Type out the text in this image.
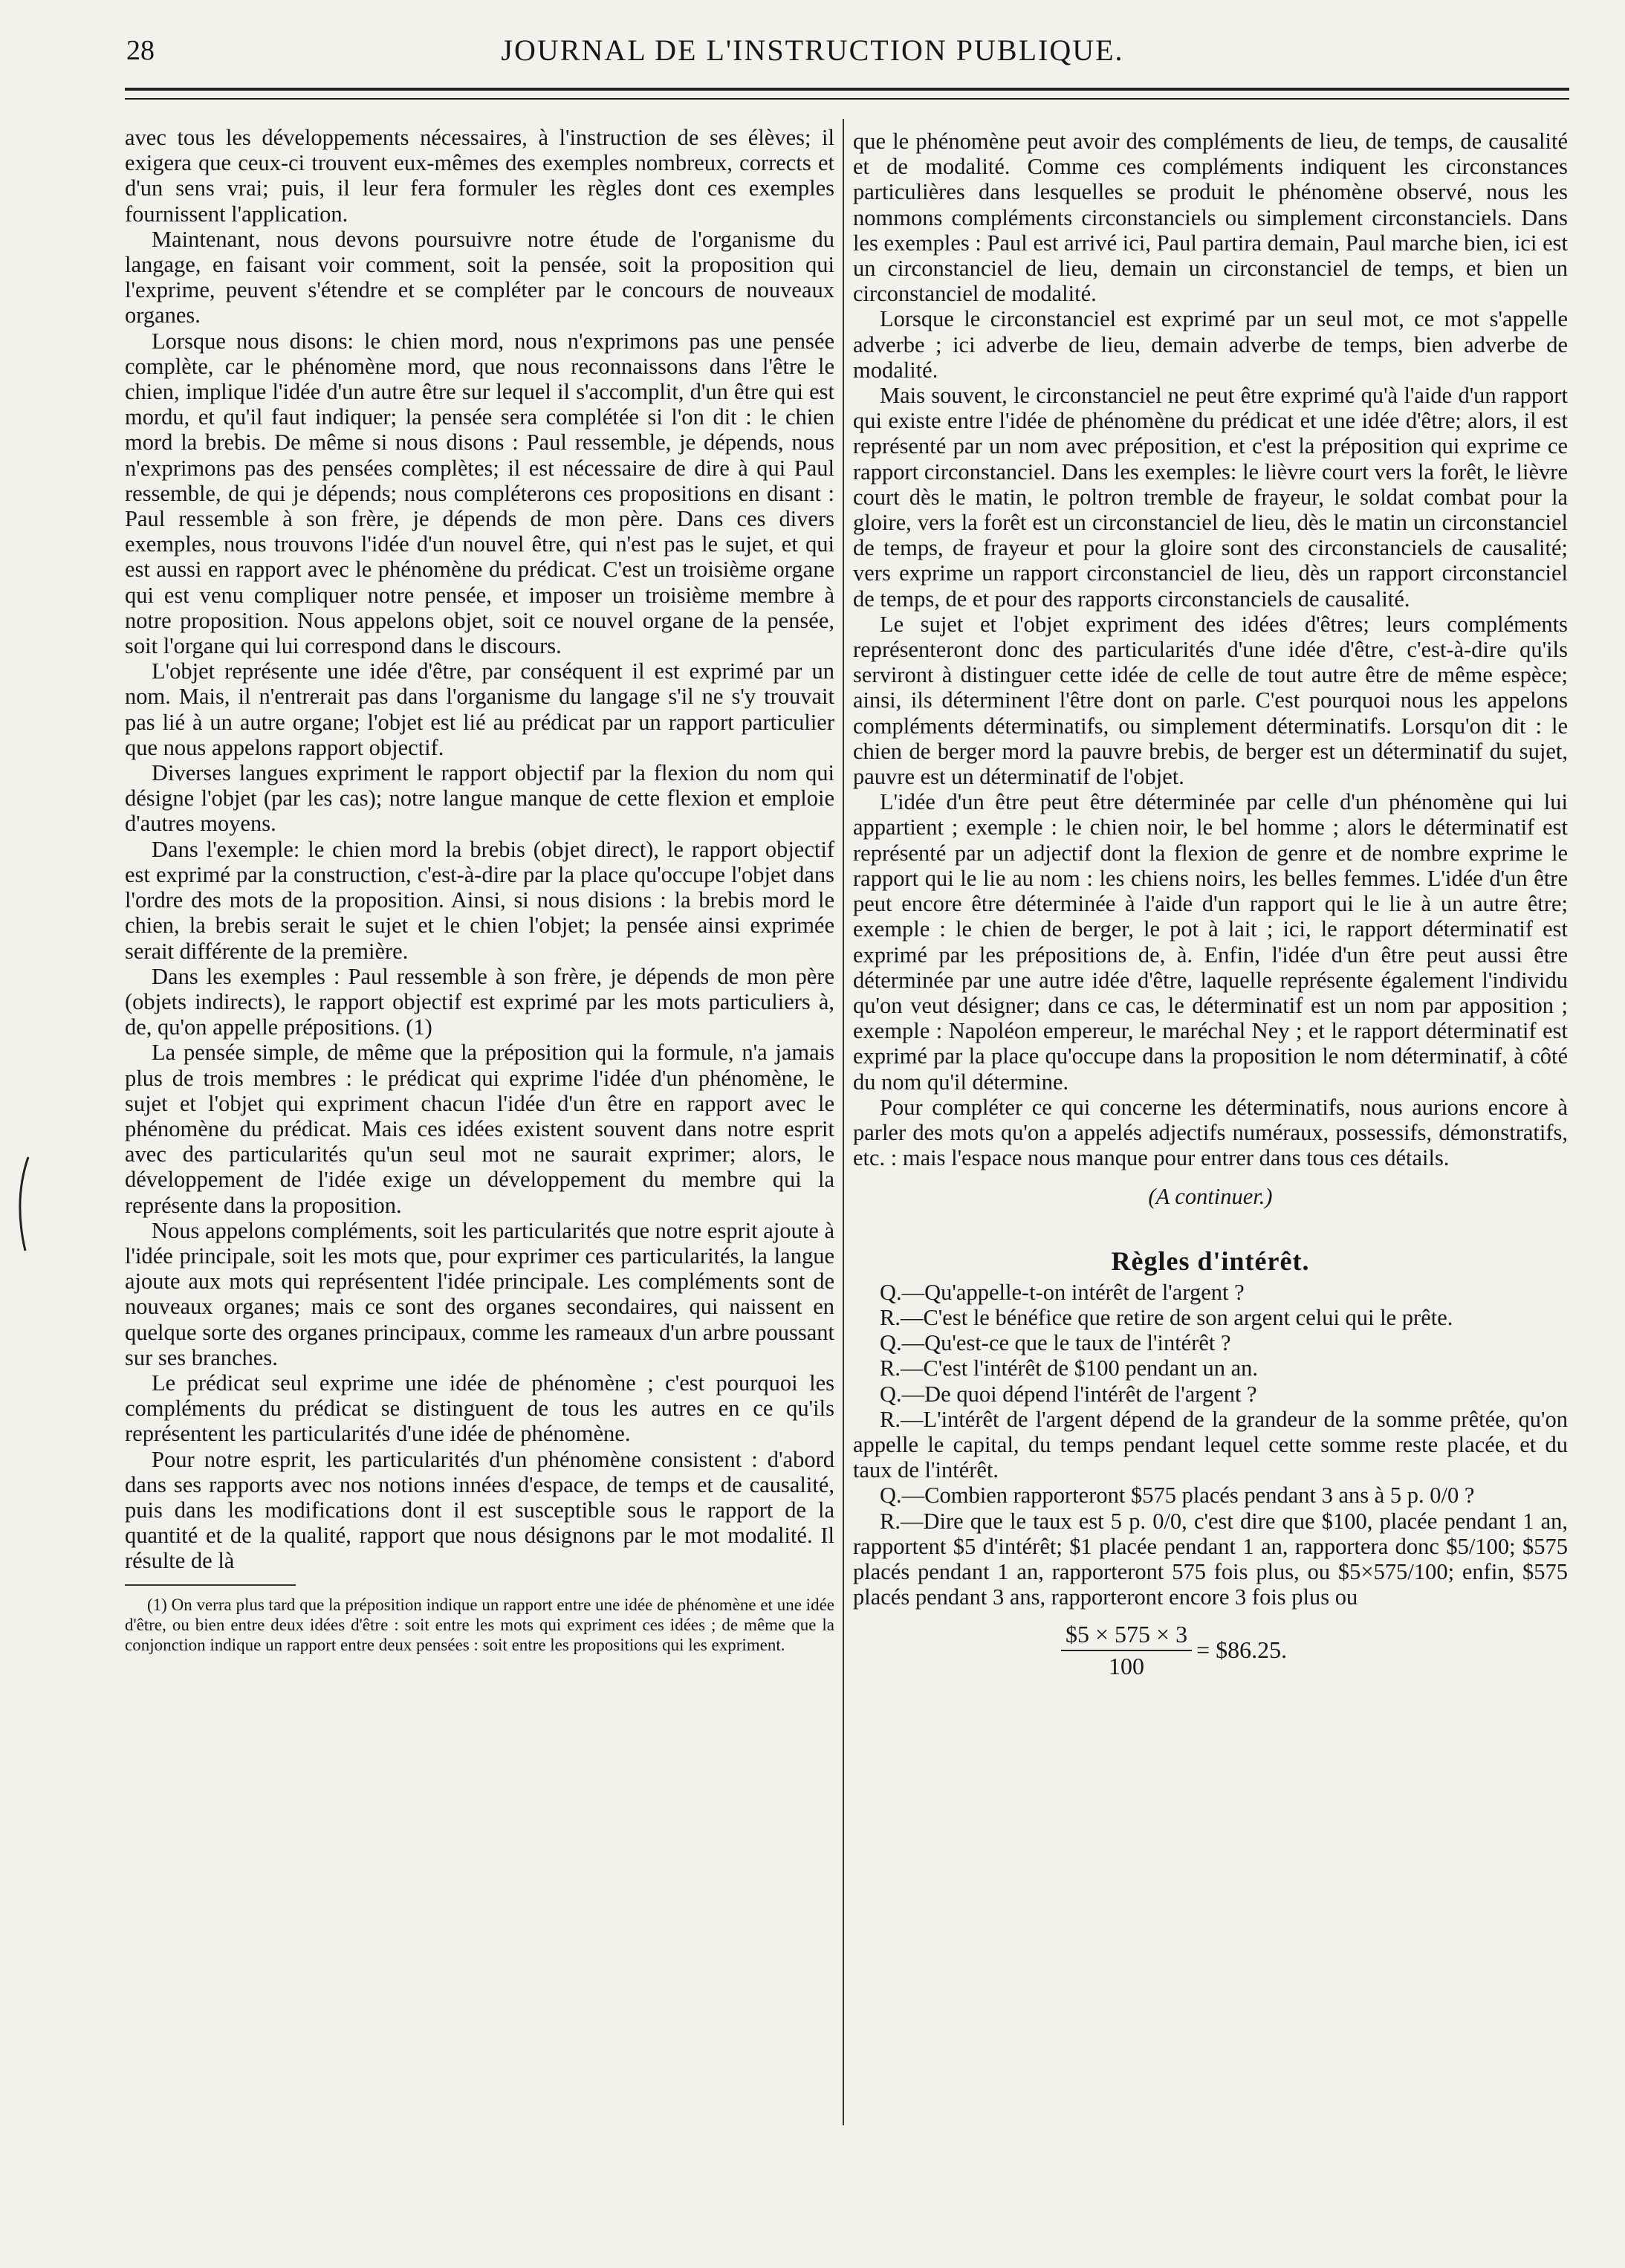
28	JOURNAL DE L'INSTRUCTION PUBLIQUE.

avec tous les développements nécessaires, à l'instruction de ses élèves; il exigera que ceux-ci trouvent eux-mêmes des exemples nombreux, corrects et d'un sens vrai; puis, il leur fera formuler les règles dont ces exemples fournissent l'application.

Maintenant, nous devons poursuivre notre étude de l'organisme du langage, en faisant voir comment, soit la pensée, soit la proposition qui l'exprime, peuvent s'étendre et se compléter par le concours de nouveaux organes.

Lorsque nous disons: le chien mord, nous n'exprimons pas une pensée complète, car le phénomène mord, que nous reconnaissons dans l'être le chien, implique l'idée d'un autre être sur lequel il s'accomplit, d'un être qui est mordu, et qu'il faut indiquer; la pensée sera complétée si l'on dit : le chien mord la brebis. De même si nous disons : Paul ressemble, je dépends, nous n'exprimons pas des pensées complètes; il est nécessaire de dire à qui Paul ressemble, de qui je dépends; nous compléterons ces propositions en disant : Paul ressemble à son frère, je dépends de mon père. Dans ces divers exemples, nous trouvons l'idée d'un nouvel être, qui n'est pas le sujet, et qui est aussi en rapport avec le phénomène du prédicat. C'est un troisième organe qui est venu compliquer notre pensée, et imposer un troisième membre à notre proposition. Nous appelons objet, soit ce nouvel organe de la pensée, soit l'organe qui lui correspond dans le discours.

L'objet représente une idée d'être, par conséquent il est exprimé par un nom. Mais, il n'entrerait pas dans l'organisme du langage s'il ne s'y trouvait pas lié à un autre organe; l'objet est lié au prédicat par un rapport particulier que nous appelons rapport objectif.

Diverses langues expriment le rapport objectif par la flexion du nom qui désigne l'objet (par les cas); notre langue manque de cette flexion et emploie d'autres moyens.

Dans l'exemple: le chien mord la brebis (objet direct), le rapport objectif est exprimé par la construction, c'est-à-dire par la place qu'occupe l'objet dans l'ordre des mots de la proposition. Ainsi, si nous disions : la brebis mord le chien, la brebis serait le sujet et le chien l'objet; la pensée ainsi exprimée serait différente de la première.

Dans les exemples : Paul ressemble à son frère, je dépends de mon père (objets indirects), le rapport objectif est exprimé par les mots particuliers à, de, qu'on appelle prépositions. (1)

La pensée simple, de même que la préposition qui la formule, n'a jamais plus de trois membres : le prédicat qui exprime l'idée d'un phénomène, le sujet et l'objet qui expriment chacun l'idée d'un être en rapport avec le phénomène du prédicat. Mais ces idées existent souvent dans notre esprit avec des particularités qu'un seul mot ne saurait exprimer; alors, le développement de l'idée exige un développement du membre qui la représente dans la proposition.

Nous appelons compléments, soit les particularités que notre esprit ajoute à l'idée principale, soit les mots que, pour exprimer ces particularités, la langue ajoute aux mots qui représentent l'idée principale. Les compléments sont de nouveaux organes; mais ce sont des organes secondaires, qui naissent en quelque sorte des organes principaux, comme les rameaux d'un arbre poussant sur ses branches.

Le prédicat seul exprime une idée de phénomène ; c'est pourquoi les compléments du prédicat se distinguent de tous les autres en ce qu'ils représentent les particularités d'une idée de phénomène.

Pour notre esprit, les particularités d'un phénomène consistent : d'abord dans ses rapports avec nos notions innées d'espace, de temps et de causalité, puis dans les modifications dont il est susceptible sous le rapport de la quantité et de la qualité, rapport que nous désignons par le mot modalité. Il résulte de là

(1) On verra plus tard que la préposition indique un rapport entre une idée de phénomène et une idée d'être, ou bien entre deux idées d'être : soit entre les mots qui expriment ces idées ; de même que la conjonction indique un rapport entre deux pensées : soit entre les propositions qui les expriment.

que le phénomène peut avoir des compléments de lieu, de temps, de causalité et de modalité. Comme ces compléments indiquent les circonstances particulières dans lesquelles se produit le phénomène observé, nous les nommons compléments circonstanciels ou simplement circonstanciels. Dans les exemples : Paul est arrivé ici, Paul partira demain, Paul marche bien, ici est un circonstanciel de lieu, demain un circonstanciel de temps, et bien un circonstanciel de modalité.

Lorsque le circonstanciel est exprimé par un seul mot, ce mot s'appelle adverbe ; ici adverbe de lieu, demain adverbe de temps, bien adverbe de modalité.

Mais souvent, le circonstanciel ne peut être exprimé qu'à l'aide d'un rapport qui existe entre l'idée de phénomène du prédicat et une idée d'être; alors, il est représenté par un nom avec préposition, et c'est la préposition qui exprime ce rapport circonstanciel. Dans les exemples: le lièvre court vers la forêt, le lièvre court dès le matin, le poltron tremble de frayeur, le soldat combat pour la gloire, vers la forêt est un circonstanciel de lieu, dès le matin un circonstanciel de temps, de frayeur et pour la gloire sont des circonstanciels de causalité; vers exprime un rapport circonstanciel de lieu, dès un rapport circonstanciel de temps, de et pour des rapports circonstanciels de causalité.

Le sujet et l'objet expriment des idées d'êtres; leurs compléments représenteront donc des particularités d'une idée d'être, c'est-à-dire qu'ils serviront à distinguer cette idée de celle de tout autre être de même espèce; ainsi, ils déterminent l'être dont on parle. C'est pourquoi nous les appelons compléments déterminatifs, ou simplement déterminatifs. Lorsqu'on dit : le chien de berger mord la pauvre brebis, de berger est un déterminatif du sujet, pauvre est un déterminatif de l'objet.

L'idée d'un être peut être déterminée par celle d'un phénomène qui lui appartient ; exemple : le chien noir, le bel homme ; alors le déterminatif est représenté par un adjectif dont la flexion de genre et de nombre exprime le rapport qui le lie au nom : les chiens noirs, les belles femmes. L'idée d'un être peut encore être déterminée à l'aide d'un rapport qui le lie à un autre être; exemple : le chien de berger, le pot à lait ; ici, le rapport déterminatif est exprimé par les prépositions de, à. Enfin, l'idée d'un être peut aussi être déterminée par une autre idée d'être, laquelle représente également l'individu qu'on veut désigner; dans ce cas, le déterminatif est un nom par apposition ; exemple : Napoléon empereur, le maréchal Ney ; et le rapport déterminatif est exprimé par la place qu'occupe dans la proposition le nom déterminatif, à côté du nom qu'il détermine.

Pour compléter ce qui concerne les déterminatifs, nous aurions encore à parler des mots qu'on a appelés adjectifs numéraux, possessifs, démonstratifs, etc. : mais l'espace nous manque pour entrer dans tous ces détails.

(A continuer.)

Règles d'intérêt.

Q.—Qu'appelle-t-on intérêt de l'argent ?

R.—C'est le bénéfice que retire de son argent celui qui le prête.

Q.—Qu'est-ce que le taux de l'intérêt ?

R.—C'est l'intérêt de $100 pendant un an.

Q.—De quoi dépend l'intérêt de l'argent ?

R.—L'intérêt de l'argent dépend de la grandeur de la somme prêtée, qu'on appelle le capital, du temps pendant lequel cette somme reste placée, et du taux de l'intérêt.

Q.—Combien rapporteront $575 placés pendant 3 ans à 5 p. 0/0 ?

R.—Dire que le taux est 5 p. 0/0, c'est dire que $100, placée pendant 1 an, rapportent $5 d'intérêt; $1 placée pendant 1 an, rapportera donc $5/100; $575 placés pendant 1 an, rapporteront 575 fois plus, ou $5×575/100; enfin, $575 placés pendant 3 ans, rapporteront encore 3 fois plus ou

$\frac{\$5 \times 575 \times 3}{100}$ = $86.25.
